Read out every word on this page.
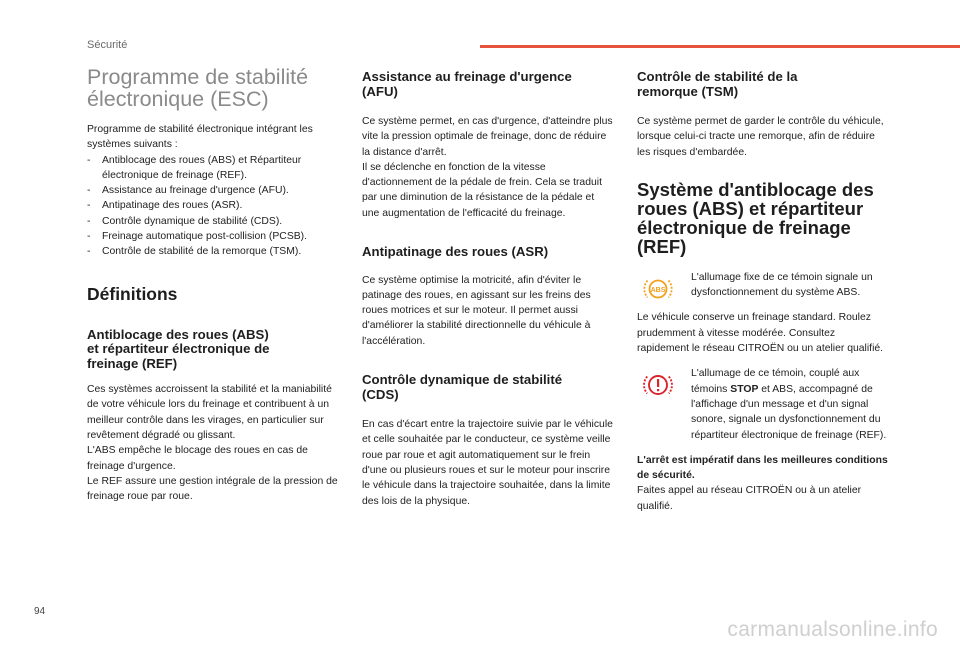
Sécurité
Programme de stabilité
électronique (ESC)

Programme de stabilité électronique intégrant les systèmes suivants :

- Antiblocage des roues (ABS) et Répartiteur électronique de freinage (REF).
- Assistance au freinage d'urgence (AFU).
- Antipatinage des roues (ASR).
- Contrôle dynamique de stabilité (CDS).
- Freinage automatique post-collision (PCSB).
- Contrôle de stabilité de la remorque (TSM).
Définitions
Antiblocage des roues (ABS)
et répartiteur électronique de
freinage (REF)

Ces systèmes accroissent la stabilité et la maniabilité de votre véhicule lors du freinage et contribuent à un meilleur contrôle dans les virages, en particulier sur revêtement dégradé ou glissant.

L'ABS empêche le blocage des roues en cas de freinage d'urgence.

Le REF assure une gestion intégrale de la pression de freinage roue par roue.

Assistance au freinage d'urgence
(AFU)

Ce système permet, en cas d'urgence, d'atteindre plus vite la pression optimale de freinage, donc de réduire la distance d'arrêt.

Il se déclenche en fonction de la vitesse d'actionnement de la pédale de frein. Cela se traduit par une diminution de la résistance de la pédale et une augmentation de l'efficacité du freinage.

Antipatinage des roues (ASR)

Ce système optimise la motricité, afin d'éviter le patinage des roues, en agissant sur les freins des roues motrices et sur le moteur. Il permet aussi d'améliorer la stabilité directionnelle du véhicule à l'accélération.

Contrôle dynamique de stabilité
(CDS)

En cas d'écart entre la trajectoire suivie par le véhicule et celle souhaitée par le conducteur, ce système veille roue par roue et agit automatiquement sur le frein d'une ou plusieurs roues et sur le moteur pour inscrire le véhicule dans la trajectoire souhaitée, dans la limite des lois de la physique.

Contrôle de stabilité de la
remorque (TSM)

Ce système permet de garder le contrôle du véhicule, lorsque celui-ci tracte une remorque, afin de réduire les risques d'embardée.

Système d'antiblocage des
roues (ABS) et répartiteur
électronique de freinage
(REF)
ABS

L'allumage fixe de ce témoin signale un dysfonctionnement du système ABS.

Le véhicule conserve un freinage standard. Roulez prudemment à vitesse modérée. Consultez rapidement le réseau CITROËN ou un atelier qualifié.

L'allumage de ce témoin, couplé aux témoins STOP et ABS, accompagné de l'affichage d'un message et d'un signal sonore, signale un dysfonctionnement du répartiteur électronique de freinage (REF).

L'arrêt est impératif dans les meilleures conditions de sécurité.

Faites appel au réseau CITROËN ou à un atelier qualifié.

94
carmanualsonline.info
